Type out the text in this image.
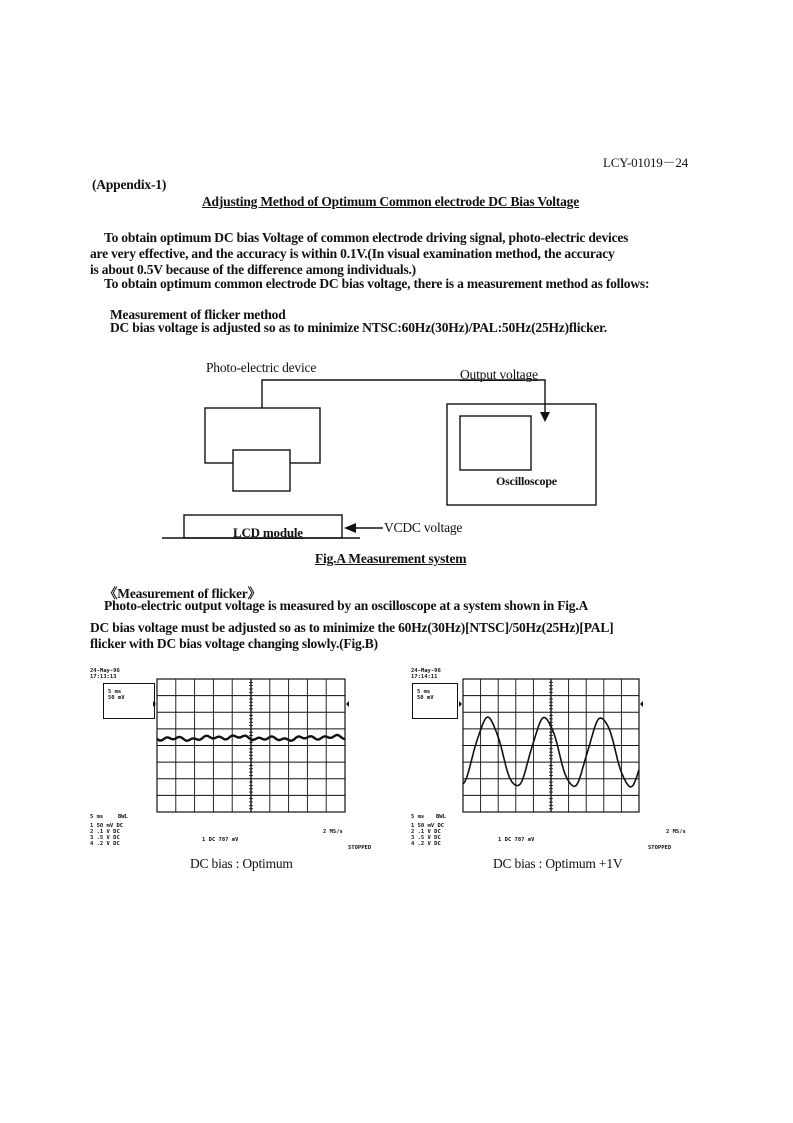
LCY-01019－24
(Appendix-1)
Adjusting Method of Optimum Common electrode DC Bias Voltage
To obtain optimum DC bias Voltage of common electrode driving signal, photo-electric devices
are very effective, and the accuracy is within 0.1V.(In visual examination method, the accuracy
is about 0.5V because of the difference among individuals.)
To obtain optimum common electrode DC bias voltage, there is a measurement method as follows:
Measurement of flicker method
DC bias voltage is adjusted so as to minimize NTSC:60Hz(30Hz)/PAL:50Hz(25Hz)flicker.
Photo-electric device	Output voltage
Oscilloscope
LCD module	VCDC voltage
Fig.A Measurement system
《Measurement of flicker》
Photo-electric output voltage is measured by an oscilloscope at a system shown in Fig.A
DC bias voltage must be adjusted so as to minimize the 60Hz(30Hz)[NTSC]/50Hz(25Hz)[PAL]
flicker with DC bias voltage changing slowly.(Fig.B)
24-May-96
17:13:13
5 ms
50 mV
5 ms	BWL
1 50 mV DC
2 .1 V DC
3 .5 V DC
4 .2 V DC
1 DC 787 mV
2 MS/s
STOPPED
DC bias : Optimum
24-May-96
17:14:11
5 ms
50 mV
5 ms BWL
1 50 mV DC
2 .1 V DC
3 .5 V DC
4 .2 V DC
1 DC 787 mV
2 MS/s
STOPPED
DC bias : Optimum +1V
